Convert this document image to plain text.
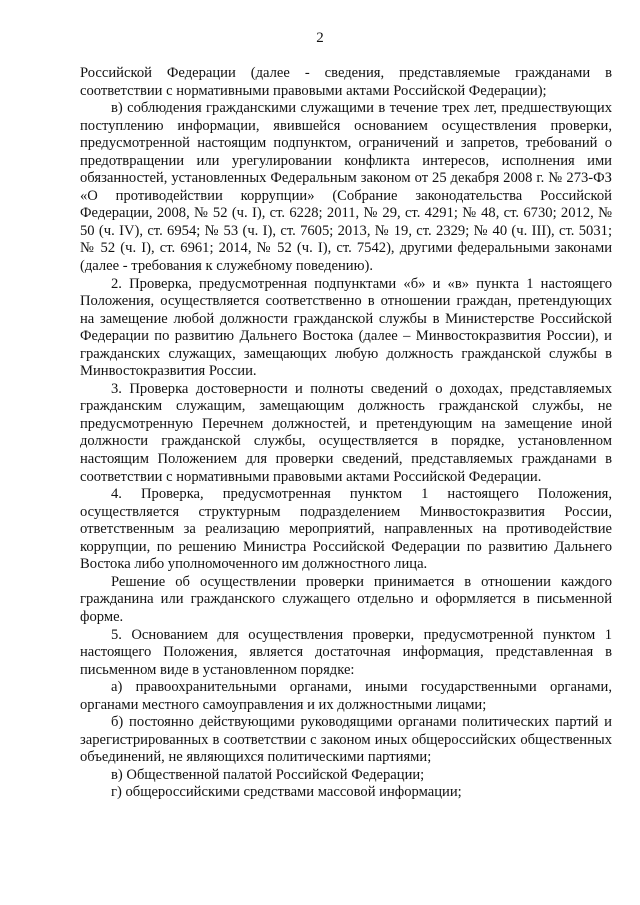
2

Российской Федерации (далее - сведения, представляемые гражданами в соответствии с нормативными правовыми актами Российской Федерации);

в) соблюдения гражданскими служащими в течение трех лет, предшествующих поступлению информации, явившейся основанием осуществления проверки, предусмотренной настоящим подпунктом, ограничений и запретов, требований о предотвращении или урегулировании конфликта интересов, исполнения ими обязанностей, установленных Федеральным законом от 25 декабря 2008 г. № 273-ФЗ «О противодействии коррупции» (Собрание законодательства Российской Федерации, 2008, № 52 (ч. I), ст. 6228; 2011, № 29, ст. 4291; № 48, ст. 6730; 2012, № 50 (ч. IV), ст. 6954; № 53 (ч. I), ст. 7605; 2013, № 19, ст. 2329; № 40 (ч. III), ст. 5031; № 52 (ч. I), ст. 6961; 2014, № 52 (ч. I), ст. 7542), другими федеральными законами (далее - требования к служебному поведению).

2. Проверка, предусмотренная подпунктами «б» и «в» пункта 1 настоящего Положения, осуществляется соответственно в отношении граждан, претендующих на замещение любой должности гражданской службы в Министерстве Российской Федерации по развитию Дальнего Востока (далее – Минвостокразвития России), и гражданских служащих, замещающих любую должность гражданской службы в Минвостокразвития России.

3. Проверка достоверности и полноты сведений о доходах, представляемых гражданским служащим, замещающим должность гражданской службы, не предусмотренную Перечнем должностей, и претендующим на замещение иной должности гражданской службы, осуществляется в порядке, установленном настоящим Положением для проверки сведений, представляемых гражданами в соответствии с нормативными правовыми актами Российской Федерации.

4. Проверка, предусмотренная пунктом 1 настоящего Положения, осуществляется структурным подразделением Минвостокразвития России, ответственным за реализацию мероприятий, направленных на противодействие коррупции, по решению Министра Российской Федерации по развитию Дальнего Востока либо уполномоченного им должностного лица.

Решение об осуществлении проверки принимается в отношении каждого гражданина или гражданского служащего отдельно и оформляется в письменной форме.

5. Основанием для осуществления проверки, предусмотренной пунктом 1 настоящего Положения, является достаточная информация, представленная в письменном виде в установленном порядке:

а) правоохранительными органами, иными государственными органами, органами местного самоуправления и их должностными лицами;

б) постоянно действующими руководящими органами политических партий и зарегистрированных в соответствии с законом иных общероссийских общественных объединений, не являющихся политическими партиями;

в) Общественной палатой Российской Федерации;

г) общероссийскими средствами массовой информации;
